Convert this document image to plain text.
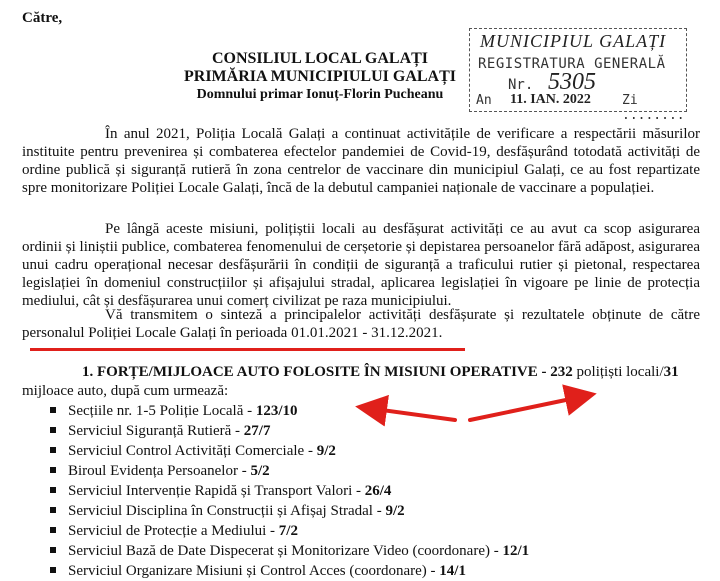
Către,
CONSILIUL LOCAL GALAȚI
PRIMĂRIA MUNICIPIULUI GALAȚI
Domnului primar Ionuț-Florin Pucheanu
MUNICIPIUL GALAȚI
REGISTRATURA GENERALĂ
Nr. 5305
An 11. IAN. 2022 Zi ........

În anul 2021, Poliția Locală Galați a continuat activitățile de verificare a respectării măsurilor instituite pentru prevenirea și combaterea efectelor pandemiei de Covid-19, desfășurând totodată activități de ordine publică și siguranță rutieră în zona centrelor de vaccinare din municipiul Galați, ce au fost repartizate spre monitorizare Poliției Locale Galați, încă de la debutul campaniei naționale de vaccinare a populației.

Pe lângă aceste misiuni, polițiștii locali au desfășurat activități ce au avut ca scop asigurarea ordinii și liniștii publice, combaterea fenomenului de cerșetorie și depistarea persoanelor fără adăpost, asigurarea unui cadru operațional necesar desfășurării în condiții de siguranță a traficului rutier și pietonal, respectarea legislației în domeniul construcțiilor și afișajului stradal, aplicarea legislației în vigoare pe linie de protecția mediului, cât și desfășurarea unui comerț civilizat pe raza municipiului.

Vă transmitem o sinteză a principalelor activități desfășurate și rezultatele obținute de către personalul Poliției Locale Galați în perioada 01.01.2021 - 31.12.2021.

1. FORȚE/MIJLOACE AUTO FOLOSITE ÎN MISIUNI OPERATIVE - 232 polițiști locali/31 mijloace auto, după cum urmează:
Secțiile nr. 1-5 Poliție Locală - 123/10
Serviciul Siguranță Rutieră - 27/7
Serviciul Control Activități Comerciale - 9/2
Biroul Evidența Persoanelor - 5/2
Serviciul Intervenție Rapidă și Transport Valori - 26/4
Serviciul Disciplina în Construcții și Afișaj Stradal - 9/2
Serviciul de Protecție a Mediului - 7/2
Serviciul Bază de Date Dispecerat și Monitorizare Video (coordonare) - 12/1
Serviciul Organizare Misiuni și Control Acces (coordonare) - 14/1
